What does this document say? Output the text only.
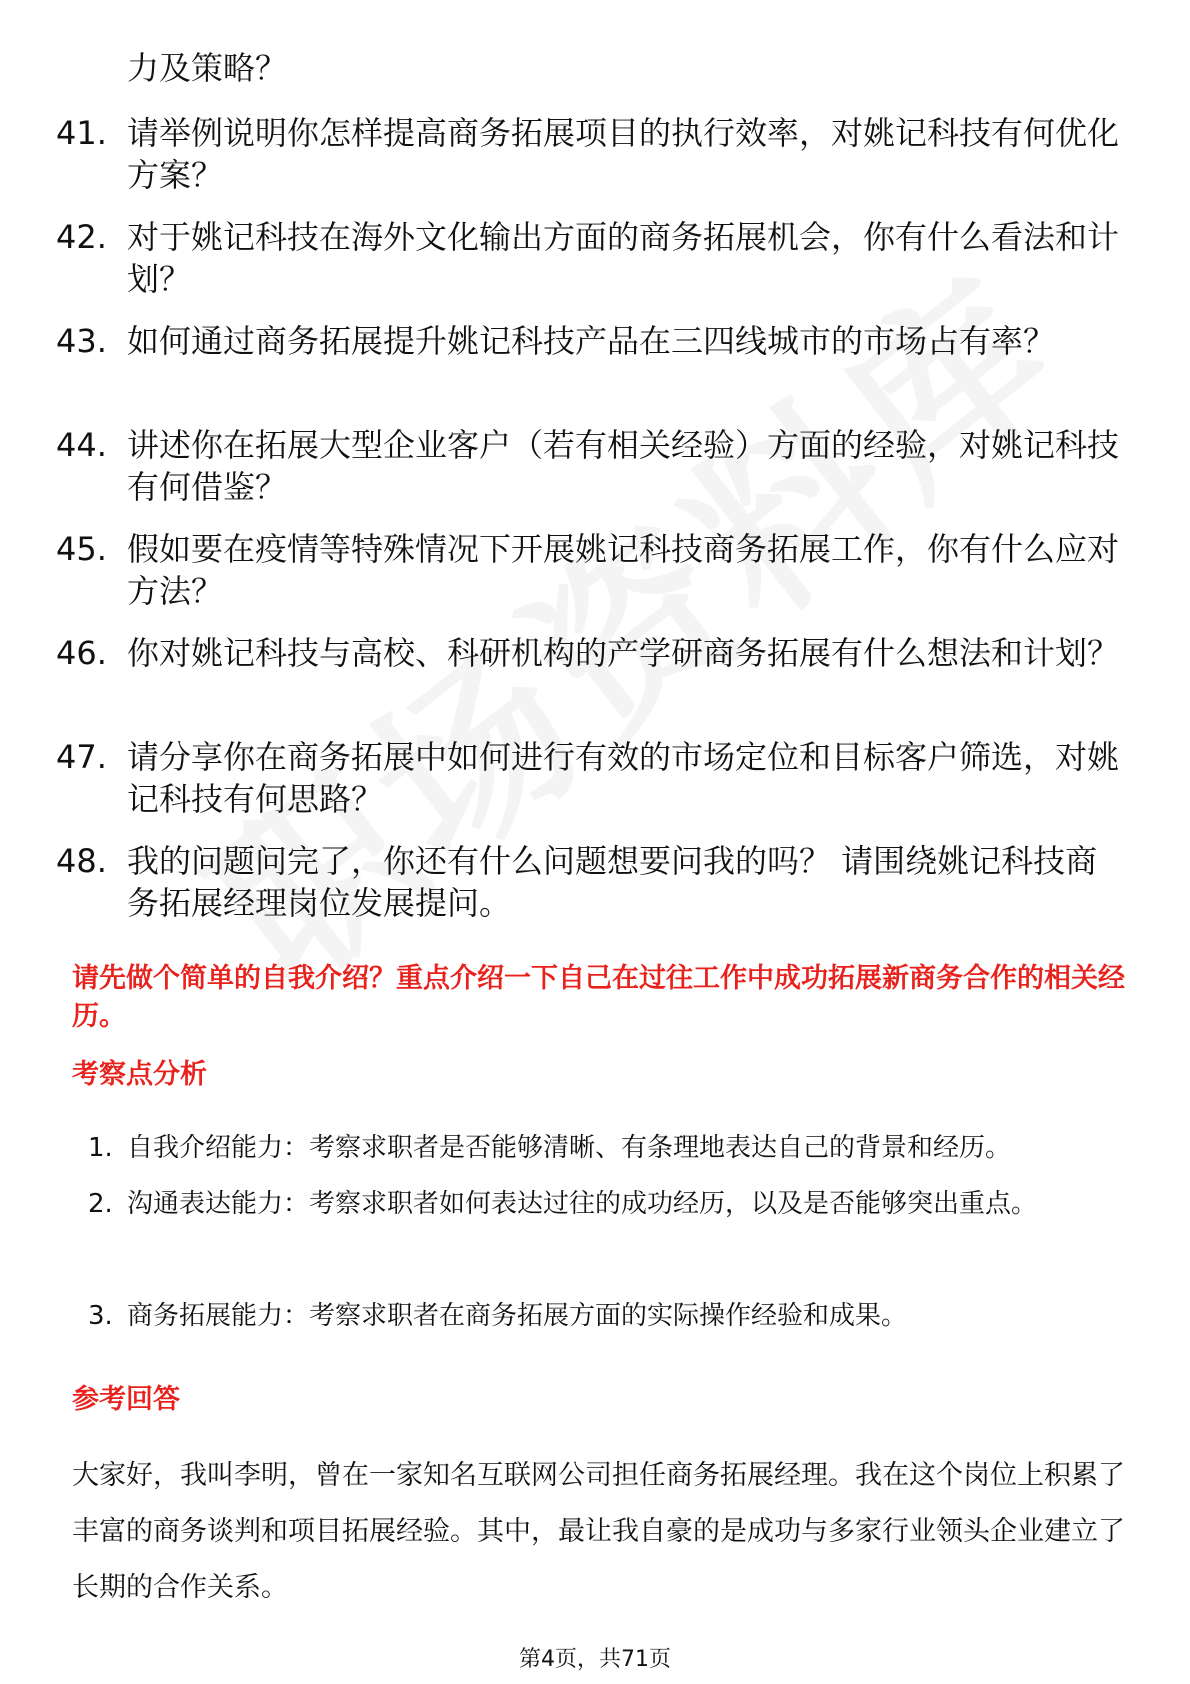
力及策略？
41. 请举例说明你怎样提高商务拓展项目的执行效率，对姚记科技有何优化方案？
42. 对于姚记科技在海外文化输出方面的商务拓展机会，你有什么看法和计划？
43. 如何通过商务拓展提升姚记科技产品在三四线城市的市场占有率？
44. 讲述你在拓展大型企业客户（若有相关经验）方面的经验，对姚记科技有何借鉴？
45. 假如要在疫情等特殊情况下开展姚记科技商务拓展工作，你有什么应对方法？
46. 你对姚记科技与高校、科研机构的产学研商务拓展有什么想法和计划？
47. 请分享你在商务拓展中如何进行有效的市场定位和目标客户筛选，对姚记科技有何思路？
48. 我的问题问完了，你还有什么问题想要问我的吗？ 请围绕姚记科技商务拓展经理岗位发展提问。
请先做个简单的自我介绍？重点介绍一下自己在过往工作中成功拓展新商务合作的相关经历。
考察点分析
1. 自我介绍能力：考察求职者是否能够清晰、有条理地表达自己的背景和经历。
2. 沟通表达能力：考察求职者如何表达过往的成功经历，以及是否能够突出重点。
3. 商务拓展能力：考察求职者在商务拓展方面的实际操作经验和成果。
参考回答
大家好，我叫李明，曾在一家知名互联网公司担任商务拓展经理。我在这个岗位上积累了丰富的商务谈判和项目拓展经验。其中，最让我自豪的是成功与多家行业领头企业建立了长期的合作关系。
第4页，共71页
